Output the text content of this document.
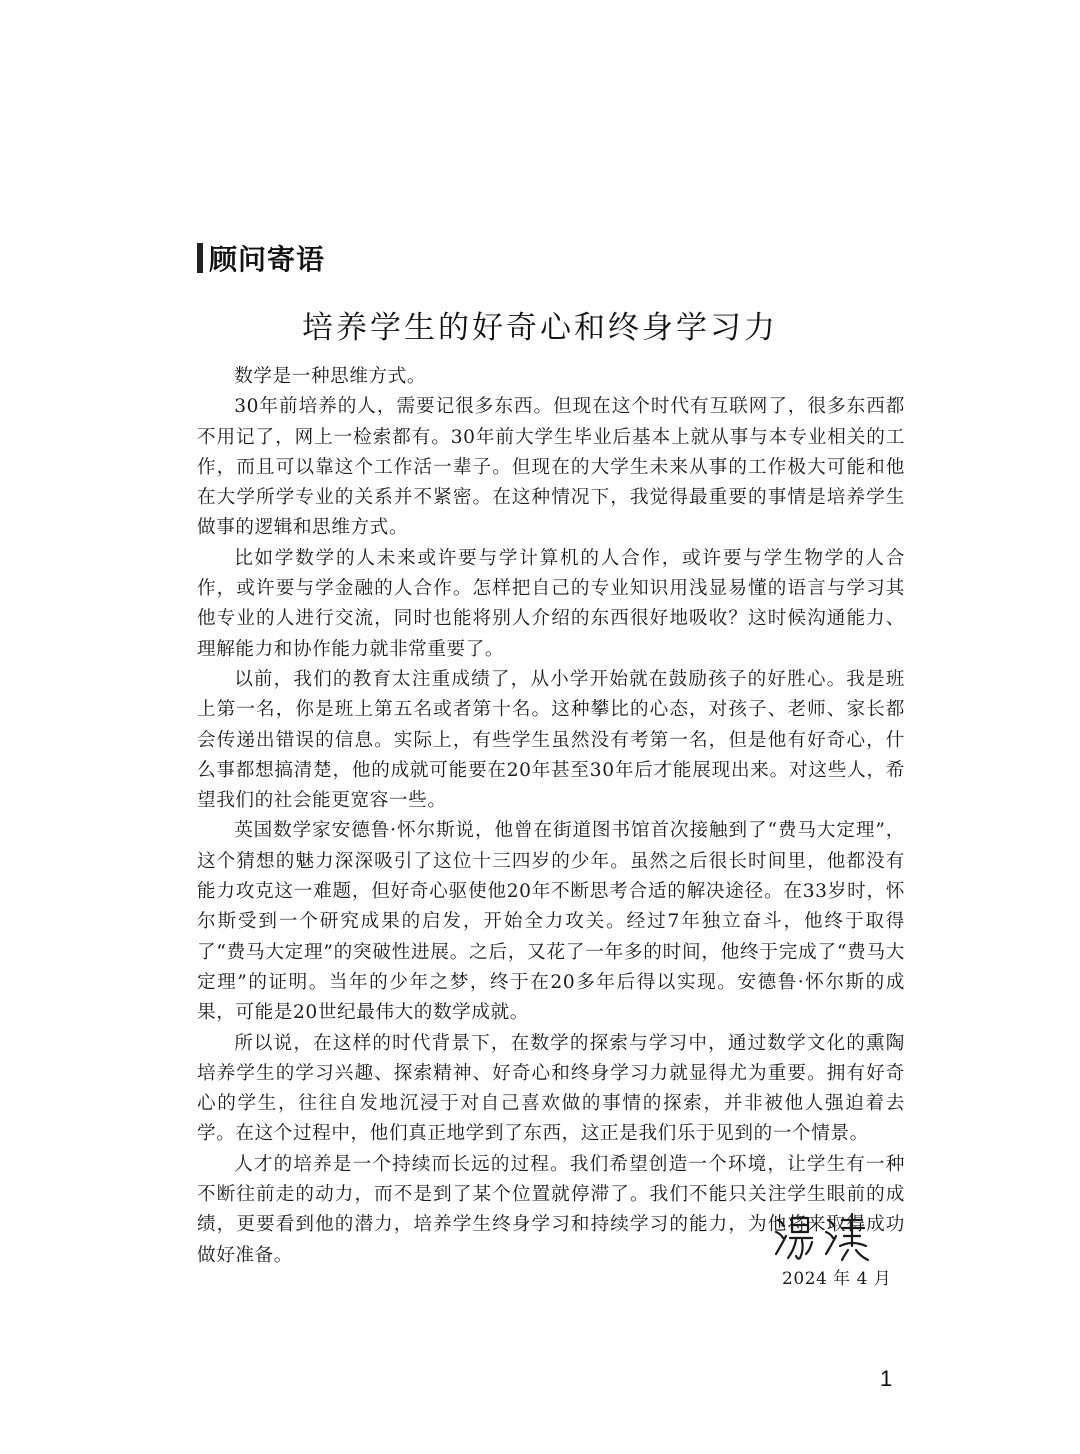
顾问寄语
培养学生的好奇心和终身学习力

数学是一种思维方式。

30年前培养的人，需要记很多东西。但现在这个时代有互联网了，很多东西都不用记了，网上一检索都有。30年前大学生毕业后基本上就从事与本专业相关的工作，而且可以靠这个工作活一辈子。但现在的大学生未来从事的工作极大可能和他在大学所学专业的关系并不紧密。在这种情况下，我觉得最重要的事情是培养学生做事的逻辑和思维方式。

比如学数学的人未来或许要与学计算机的人合作，或许要与学生物学的人合作，或许要与学金融的人合作。怎样把自己的专业知识用浅显易懂的语言与学习其他专业的人进行交流，同时也能将别人介绍的东西很好地吸收？这时候沟通能力、理解能力和协作能力就非常重要了。

以前，我们的教育太注重成绩了，从小学开始就在鼓励孩子的好胜心。我是班上第一名，你是班上第五名或者第十名。这种攀比的心态，对孩子、老师、家长都会传递出错误的信息。实际上，有些学生虽然没有考第一名，但是他有好奇心，什么事都想搞清楚，他的成就可能要在20年甚至30年后才能展现出来。对这些人，希望我们的社会能更宽容一些。

英国数学家安德鲁·怀尔斯说，他曾在街道图书馆首次接触到了“费马大定理”，这个猜想的魅力深深吸引了这位十三四岁的少年。虽然之后很长时间里，他都没有能力攻克这一难题，但好奇心驱使他20年不断思考合适的解决途径。在33岁时，怀尔斯受到一个研究成果的启发，开始全力攻关。经过7年独立奋斗，他终于取得了“费马大定理”的突破性进展。之后，又花了一年多的时间，他终于完成了“费马大定理”的证明。当年的少年之梦，终于在20多年后得以实现。安德鲁·怀尔斯的成果，可能是20世纪最伟大的数学成就。

所以说，在这样的时代背景下，在数学的探索与学习中，通过数学文化的熏陶培养学生的学习兴趣、探索精神、好奇心和终身学习力就显得尤为重要。拥有好奇心的学生，往往自发地沉浸于对自己喜欢做的事情的探索，并非被他人强迫着去学。在这个过程中，他们真正地学到了东西，这正是我们乐于见到的一个情景。

人才的培养是一个持续而长远的过程。我们希望创造一个环境，让学生有一种不断往前走的动力，而不是到了某个位置就停滞了。我们不能只关注学生眼前的成绩，更要看到他的潜力，培养学生终身学习和持续学习的能力，为他将来取得成功做好准备。

2024 年 4 月
1
